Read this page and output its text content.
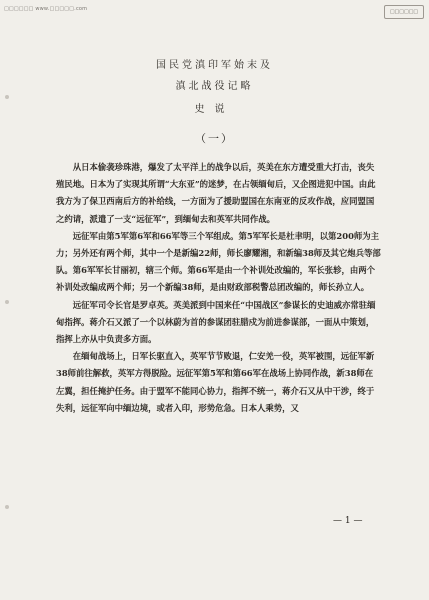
□□□□□□ www.□□□□□.com	□□□□□□
国民党滇印军始末及
滇北战役记略
史说
（一）

从日本偷袭珍珠港，爆发了太平洋上的战争以后，英美在东方遭受重大打击，丧失殖民地。日本为了实现其所谓“大东亚”的迷梦，在占领缅甸后，又企图进犯中国。由此我方为了保卫西南后方的补给线，一方面为了援助盟国在东南亚的反攻作战，应同盟国之约请，派遣了一支“远征军”，到缅甸去和英军共同作战。

远征军由第5军第6军和66军等三个军组成。第5军军长是杜聿明，以第200师为主力；另外还有两个师，其中一个是新编22师，师长廖耀湘，和新编38师及其它炮兵等部队。第6军军长甘丽初，辖三个师。第66军是由一个补训处改编的，军长张轸，由两个补训处改编成两个师；另一个新编38师，是由财政部税警总团改编的，师长孙立人。

远征军司令长官是罗卓英。英美派到中国来任“中国战区”参谋长的史迪威亦常驻缅甸指挥。蒋介石又派了一个以林蔚为首的参谋团驻腊戍为前进参谋部，一面从中策划，指挥上亦从中负责多方面。

在缅甸战场上，日军长驱直入，英军节节败退，仁安羌一役，英军被围，远征军新38师前往解救，英军方得脱险。远征军第5军和第66军在战场上协同作战，新38师在左翼，担任掩护任务。由于盟军不能同心协力，指挥不统一，蒋介石又从中干涉，终于失利，远征军向中缅边境，或者入印，形势危急。日本人乘势，又

— 1 —
